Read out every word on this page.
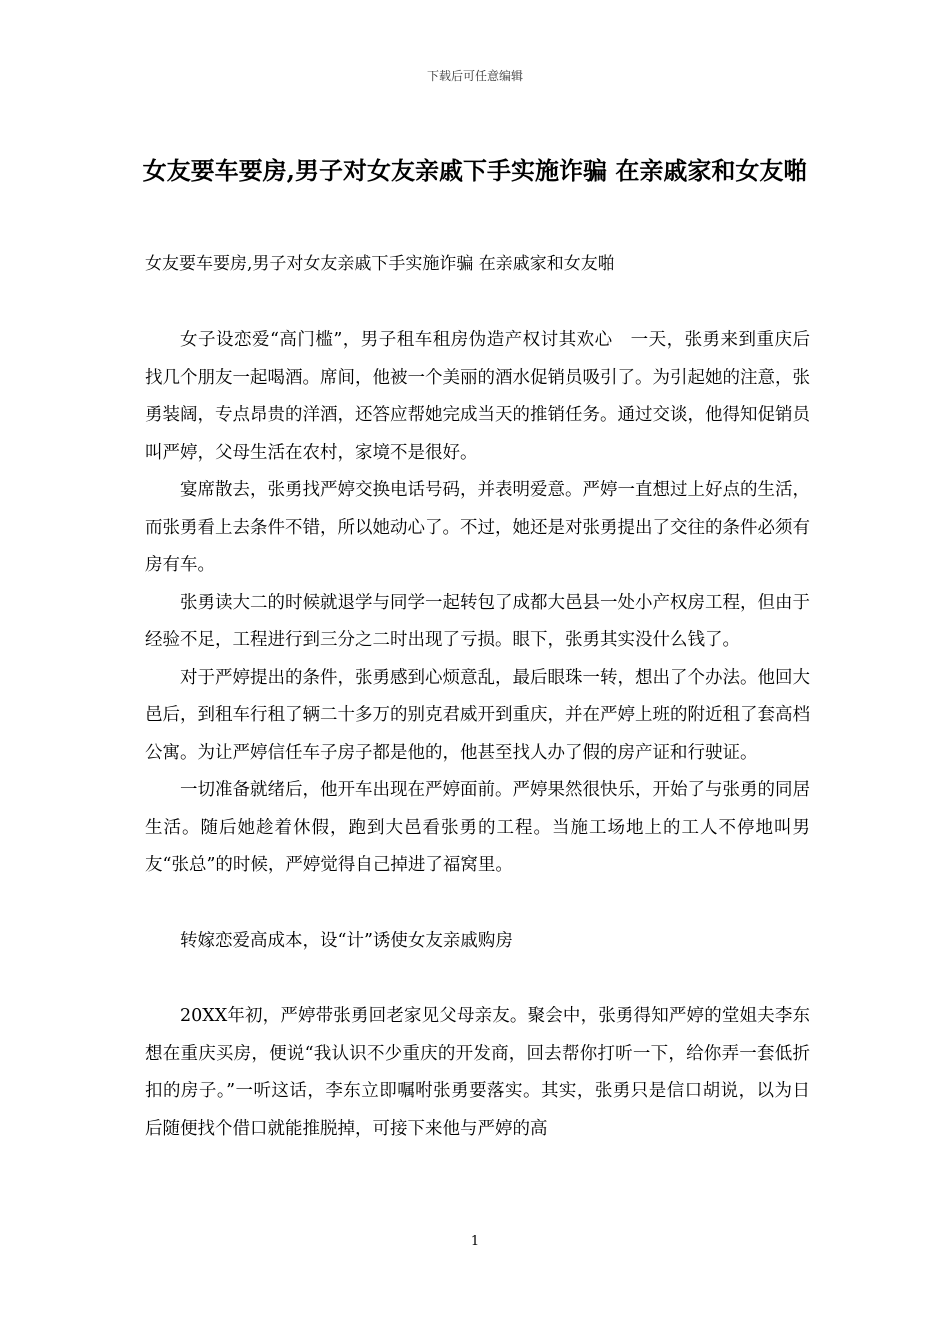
下载后可任意编辑
女友要车要房,男子对女友亲戚下手实施诈骗 在亲戚家和女友啪

女友要车要房,男子对女友亲戚下手实施诈骗 在亲戚家和女友啪

女子设恋爱“高门槛”，男子租车租房伪造产权讨其欢心　一天，张勇来到重庆后找几个朋友一起喝酒。席间，他被一个美丽的酒水促销员吸引了。为引起她的注意，张勇装阔，专点昂贵的洋酒，还答应帮她完成当天的推销任务。通过交谈，他得知促销员叫严婷，父母生活在农村，家境不是很好。

宴席散去，张勇找严婷交换电话号码，并表明爱意。严婷一直想过上好点的生活，而张勇看上去条件不错，所以她动心了。不过，她还是对张勇提出了交往的条件必须有房有车。

张勇读大二的时候就退学与同学一起转包了成都大邑县一处小产权房工程，但由于经验不足，工程进行到三分之二时出现了亏损。眼下，张勇其实没什么钱了。

对于严婷提出的条件，张勇感到心烦意乱，最后眼珠一转，想出了个办法。他回大邑后，到租车行租了辆二十多万的别克君威开到重庆，并在严婷上班的附近租了套高档公寓。为让严婷信任车子房子都是他的，他甚至找人办了假的房产证和行驶证。

一切准备就绪后，他开车出现在严婷面前。严婷果然很快乐，开始了与张勇的同居生活。随后她趁着休假，跑到大邑看张勇的工程。当施工场地上的工人不停地叫男友“张总”的时候，严婷觉得自己掉进了福窝里。

转嫁恋爱高成本，设“计”诱使女友亲戚购房

20XX年初，严婷带张勇回老家见父母亲友。聚会中，张勇得知严婷的堂姐夫李东想在重庆买房，便说“我认识不少重庆的开发商，回去帮你打听一下，给你弄一套低折扣的房子。”一听这话，李东立即嘱咐张勇要落实。其实，张勇只是信口胡说，以为日后随便找个借口就能推脱掉，可接下来他与严婷的高

1
